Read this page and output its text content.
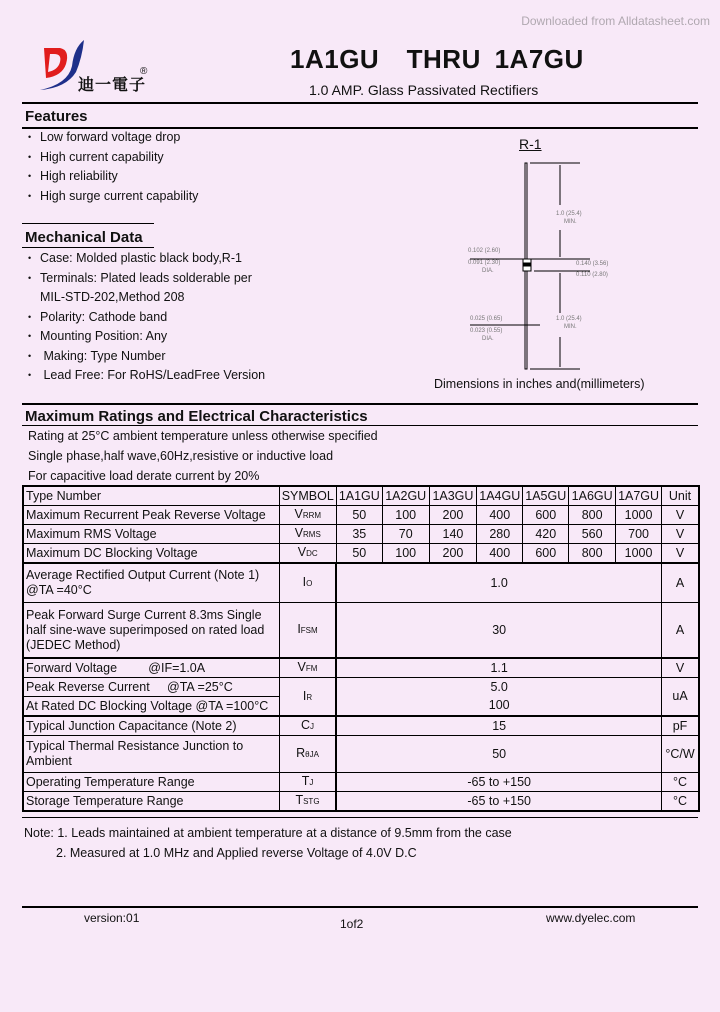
Downloaded from Alldatasheet.com
迪一電子
®	1A1GU  THRU 1A7GU
1.0 AMP. Glass Passivated Rectifiers
Features
• Low forward voltage drop
• High current capability
• High reliability
• High surge current capability
Mechanical Data
• Case: Molded plastic black body,R-1
• Terminals: Plated leads solderable per
MIL-STD-202,Method 208
• Polarity: Cathode band
• Mounting Position: Any
•  Making: Type Number
•  Lead Free: For RoHS/LeadFree Version
R-1
1.0 (25.4)
MIN.
0.102 (2.60)
0.091 (2.30)
DIA.
0.140 (3.56)
0.110 (2.80)
1.0 (25.4)
MIN.
0.025 (0.65)
0.023 (0.55)
DIA.
Dimensions in inches and(millimeters)
Maximum Ratings and Electrical Characteristics
Rating at 25°C ambient temperature unless otherwise specified
Single phase,half wave,60Hz,resistive or inductive load
For capacitive load derate current by 20%
Type Number	SYMBOL	1A1GU	1A2GU	1A3GU	1A4GU	1A5GU	1A6GU	1A7GU	Unit
Maximum Recurrent Peak Reverse Voltage	VRRM	50	100	200	400	600	800	1000	V
Maximum RMS Voltage	VRMS	35	70	140	280	420	560	700	V
Maximum DC Blocking Voltage	VDC	50	100	200	400	600	800	1000	V
Average Rectified Output Current (Note 1)
@TA =40°C	IO	1.0							A
Peak Forward Surge Current 8.3ms Single half sine-wave superimposed on rated load (JEDEC Method)	IFSM	30							A
Forward Voltage         @IF=1.0A	VFM	1.1							V
Peak Reverse Current     @TA =25°C	IR	5.0							uA
At Rated DC Blocking Voltage @TA =100°C		100							
Typical Junction Capacitance (Note 2)	CJ	15							pF
Typical Thermal Resistance Junction to Ambient	RθJA	50							°C/W
Operating Temperature Range	TJ	-65 to +150							°C
Storage Temperature Range	TSTG	-65 to +150							°C
Note: 1. Leads maintained at ambient temperature at a distance of 9.5mm from the case
2. Measured at 1.0 MHz and Applied reverse Voltage of 4.0V D.C
version:01	1of2	www.dyelec.com
